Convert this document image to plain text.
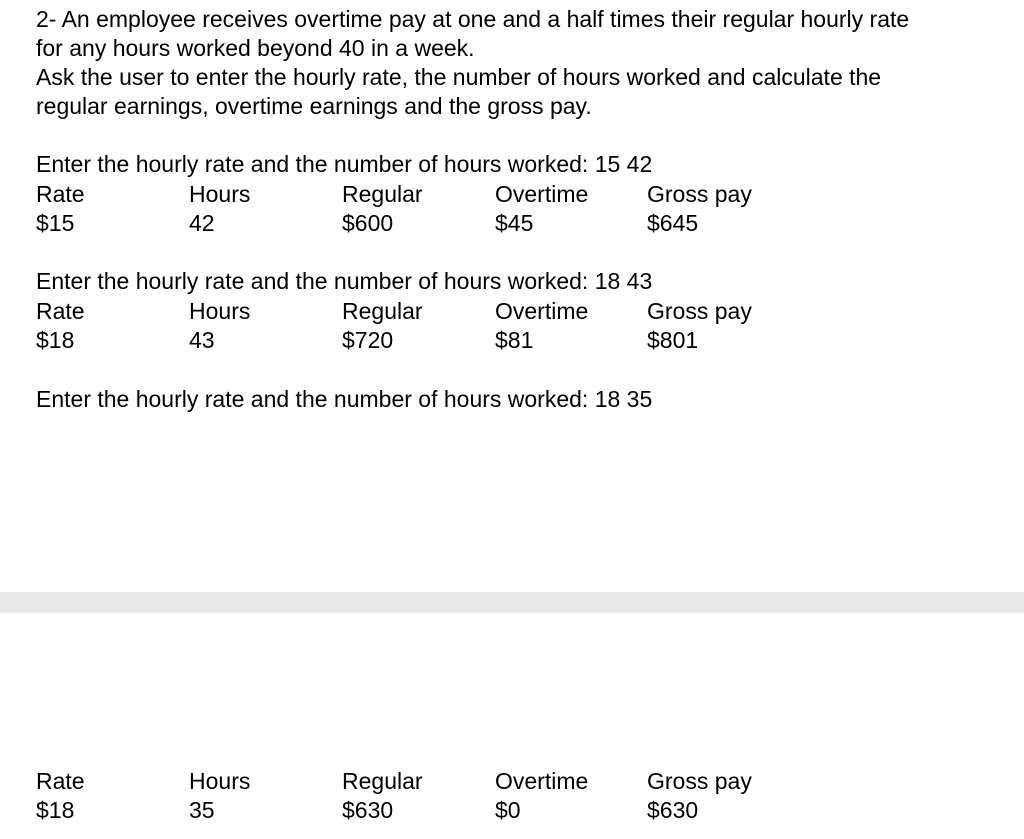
2- An employee receives overtime pay at one and a half times their regular hourly rate
for any hours worked beyond 40 in a week.
Ask the user to enter the hourly rate, the number of hours worked and calculate the
regular earnings, overtime earnings and the gross pay.
Enter the hourly rate and the number of hours worked: 15 42
Rate	Hours	Regular	Overtime	Gross pay
$15	42	$600	$45	$645
Enter the hourly rate and the number of hours worked: 18 43
Rate	Hours	Regular	Overtime	Gross pay
$18	43	$720	$81	$801
Enter the hourly rate and the number of hours worked: 18 35
Rate	Hours	Regular	Overtime	Gross pay
$18	35	$630	$0	$630
